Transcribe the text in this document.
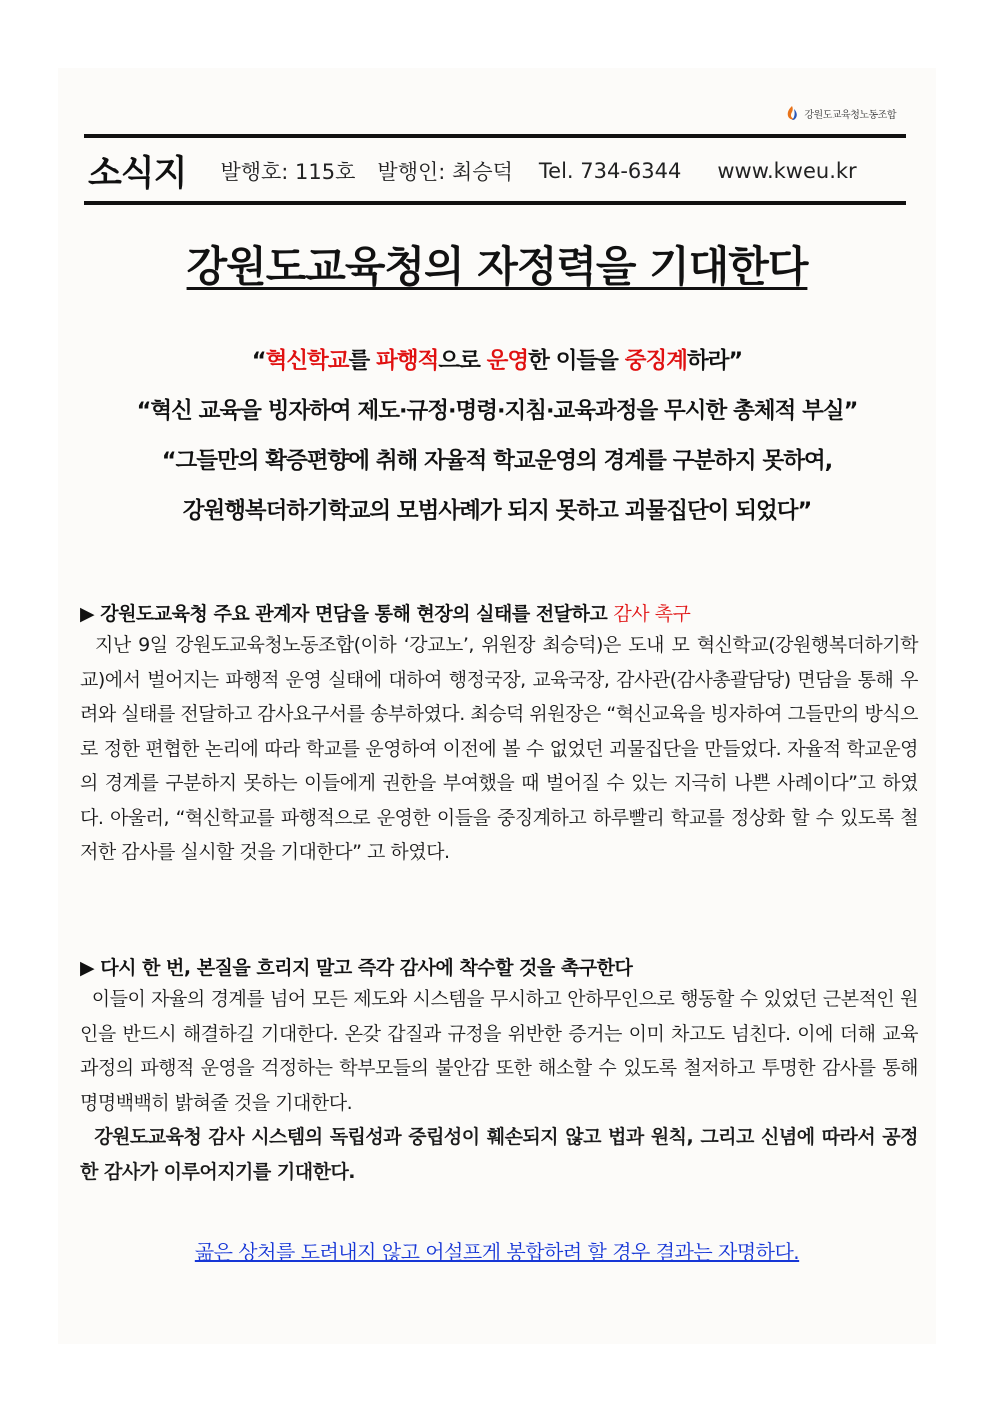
강원도교육청노동조합
소식지 발행호: 115호 발행인: 최승덕 Tel. 734-6344 www.kweu.kr
강원도교육청의 자정력을 기대한다
“혁신학교를 파행적으로 운영한 이들을 중징계하라”
“혁신 교육을 빙자하여 제도·규정·명령·지침·교육과정을 무시한 총체적 부실”
“그들만의 확증편향에 취해 자율적 학교운영의 경계를 구분하지 못하여,
강원행복더하기학교의 모범사례가 되지 못하고 괴물집단이 되었다”
▶ 강원도교육청 주요 관계자 면담을 통해 현장의 실태를 전달하고 감사 촉구
지난 9일 강원도교육청노동조합(이하 ‘강교노’, 위원장 최승덕)은 도내 모 혁신학교(강원행복더하기학교)에서 벌어지는 파행적 운영 실태에 대하여 행정국장, 교육국장, 감사관(감사총괄담당) 면담을 통해 우려와 실태를 전달하고 감사요구서를 송부하였다. 최승덕 위원장은 “혁신교육을 빙자하여 그들만의 방식으로 정한 편협한 논리에 따라 학교를 운영하여 이전에 볼 수 없었던 괴물집단을 만들었다. 자율적 학교운영의 경계를 구분하지 못하는 이들에게 권한을 부여했을 때 벌어질 수 있는 지극히 나쁜 사례이다”고 하였다. 아울러, “혁신학교를 파행적으로 운영한 이들을 중징계하고 하루빨리 학교를 정상화 할 수 있도록 철저한 감사를 실시할 것을 기대한다” 고 하였다.
▶ 다시 한 번, 본질을 흐리지 말고 즉각 감사에 착수할 것을 촉구한다
이들이 자율의 경계를 넘어 모든 제도와 시스템을 무시하고 안하무인으로 행동할 수 있었던 근본적인 원인을 반드시 해결하길 기대한다. 온갖 갑질과 규정을 위반한 증거는 이미 차고도 넘친다. 이에 더해 교육과정의 파행적 운영을 걱정하는 학부모들의 불안감 또한 해소할 수 있도록 철저하고 투명한 감사를 통해 명명백백히 밝혀줄 것을 기대한다.
강원도교육청 감사 시스템의 독립성과 중립성이 훼손되지 않고 법과 원칙, 그리고 신념에 따라서 공정한 감사가 이루어지기를 기대한다.
곪은 상처를 도려내지 않고 어설프게 봉합하려 할 경우 결과는 자명하다.
